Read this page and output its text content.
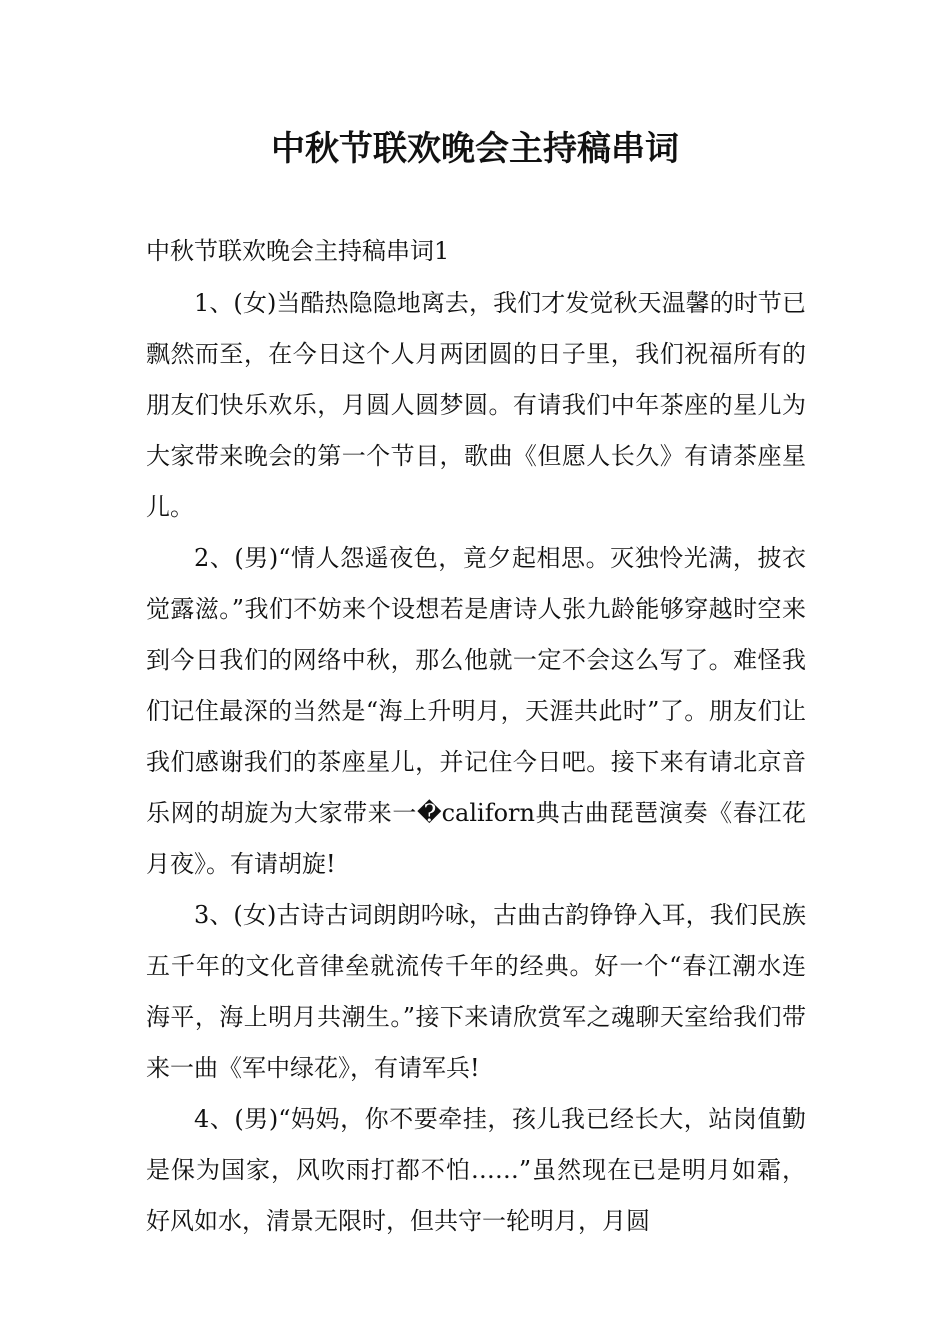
中秋节联欢晚会主持稿串词

中秋节联欢晚会主持稿串词1

1、(女)当酷热隐隐地离去，我们才发觉秋天温馨的时节已飘然而至，在今日这个人月两团圆的日子里，我们祝福所有的朋友们快乐欢乐，月圆人圆梦圆。有请我们中年茶座的星儿为大家带来晚会的第一个节目，歌曲《但愿人长久》有请茶座星儿。

2、(男)“情人怨遥夜色，竟夕起相思。灭独怜光满，披衣觉露滋。”我们不妨来个设想若是唐诗人张九龄能够穿越时空来到今日我们的网络中秋，那么他就一定不会这么写了。难怪我们记住最深的当然是“海上升明月，天涯共此时”了。朋友们让我们感谢我们的茶座星儿，并记住今日吧。接下来有请北京音乐网的胡旋为大家带来一�californ典古曲琵琶演奏《春江花月夜》。有请胡旋!

3、(女)古诗古词朗朗吟咏，古曲古韵铮铮入耳，我们民族五千年的文化音律垒就流传千年的经典。好一个“春江潮水连海平，海上明月共潮生。”接下来请欣赏军之魂聊天室给我们带来一曲《军中绿花》，有请军兵!

4、(男)“妈妈，你不要牵挂，孩儿我已经长大，站岗值勤是保为国家，风吹雨打都不怕……”虽然现在已是明月如霜，好风如水，清景无限时，但共守一轮明月，月圆
